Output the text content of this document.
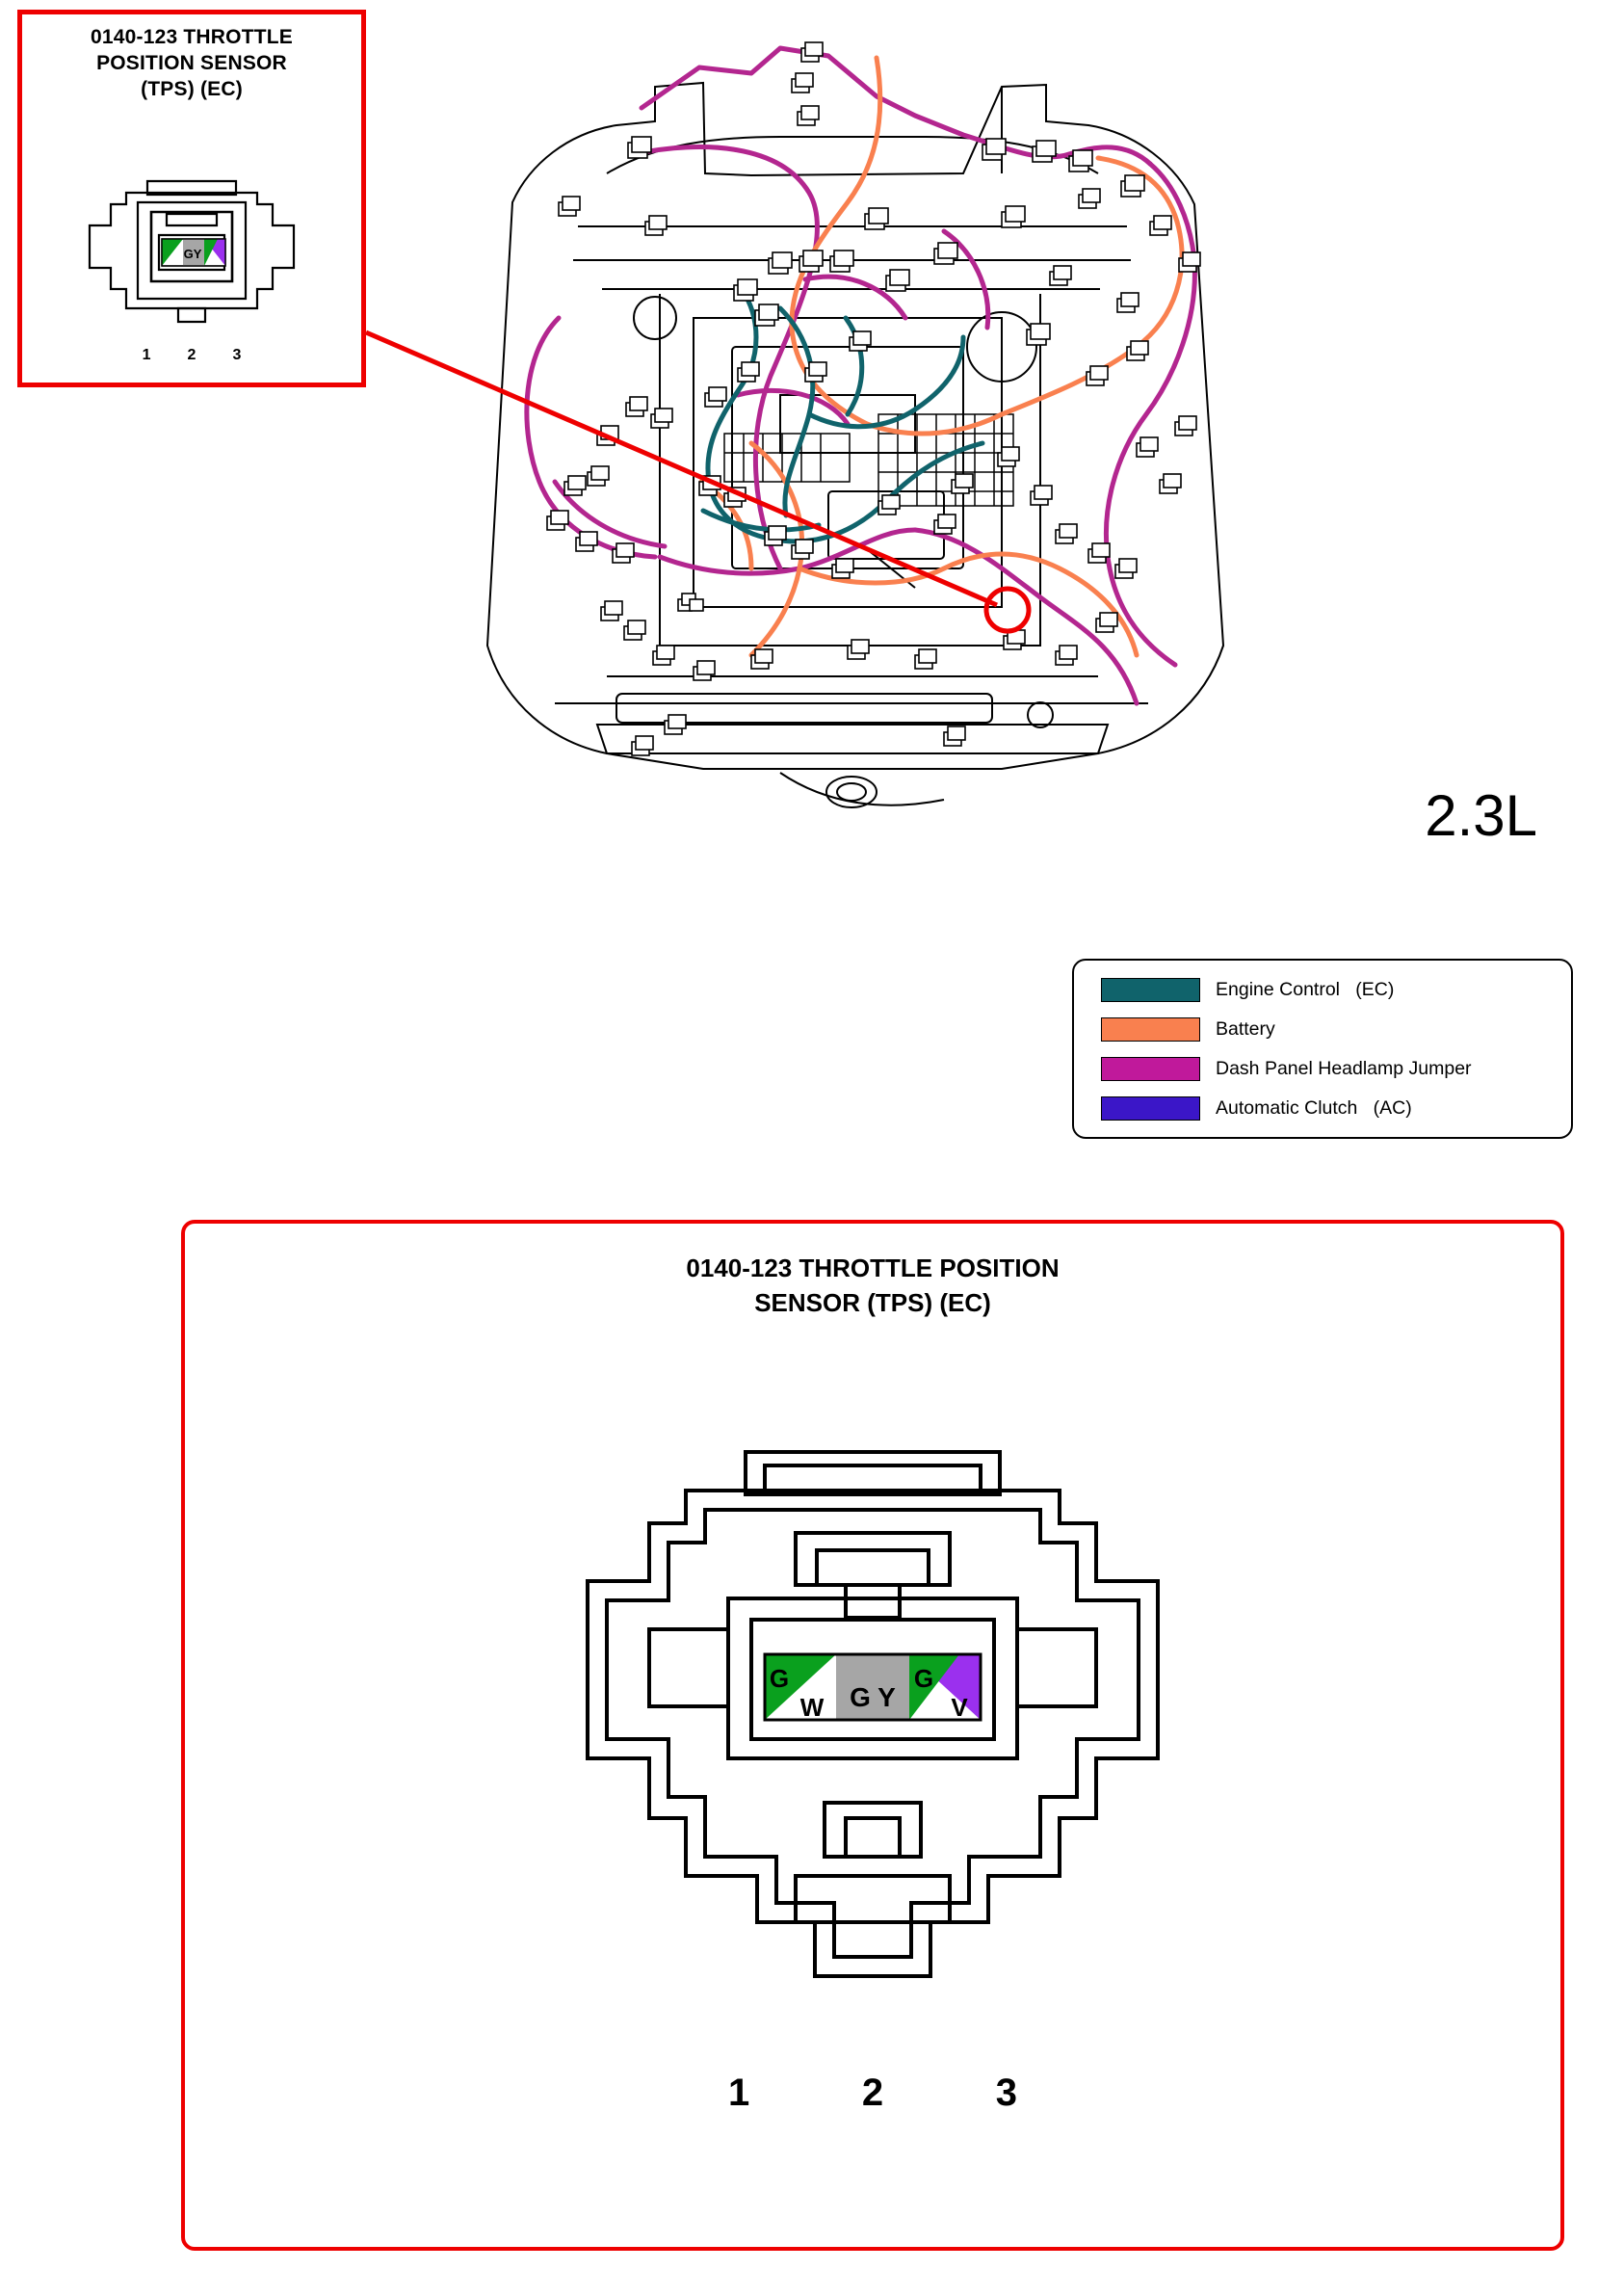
0140-123 THROTTLE
POSITION SENSOR
(TPS) (EC)
GY
1 2 3
2.3L
Engine Control   (EC)
Battery
Dash Panel Headlamp Jumper
Automatic Clutch   (AC)
0140-123 THROTTLE POSITION
SENSOR (TPS) (EC)
G
W G Y
G
V
1	2	3
